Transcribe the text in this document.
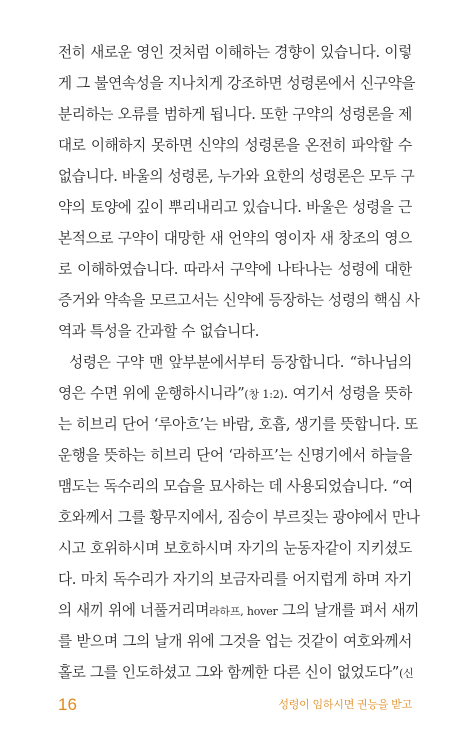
전히 새로운 영인 것처럼 이해하는 경향이 있습니다. 이렇
게 그 불연속성을 지나치게 강조하면 성령론에서 신구약을
분리하는 오류를 범하게 됩니다. 또한 구약의 성령론을 제
대로 이해하지 못하면 신약의 성령론을 온전히 파악할 수
없습니다. 바울의 성령론, 누가와 요한의 성령론은 모두 구
약의 토양에 깊이 뿌리내리고 있습니다. 바울은 성령을 근
본적으로 구약이 대망한 새 언약의 영이자 새 창조의 영으
로 이해하였습니다. 따라서 구약에 나타나는 성령에 대한
증거와 약속을 모르고서는 신약에 등장하는 성령의 핵심 사
역과 특성을 간과할 수 없습니다.
성령은 구약 맨 앞부분에서부터 등장합니다. “하나님의
영은 수면 위에 운행하시니라”(창 1:2). 여기서 성령을 뜻하
는 히브리 단어 ‘루아흐’는 바람, 호흡, 생기를 뜻합니다. 또
운행을 뜻하는 히브리 단어 ‘라하프’는 신명기에서 하늘을
맴도는 독수리의 모습을 묘사하는 데 사용되었습니다. “여
호와께서 그를 황무지에서, 짐승이 부르짖는 광야에서 만나
시고 호위하시며 보호하시며 자기의 눈동자같이 지키셨도
다. 마치 독수리가 자기의 보금자리를 어지럽게 하며 자기
의 새끼 위에 너풀거리며라하프, hover 그의 날개를 펴서 새끼
를 받으며 그의 날개 위에 그것을 업는 것같이 여호와께서
홀로 그를 인도하셨고 그와 함께한 다른 신이 없었도다”(신
16	성령이 임하시면 권능을 받고
